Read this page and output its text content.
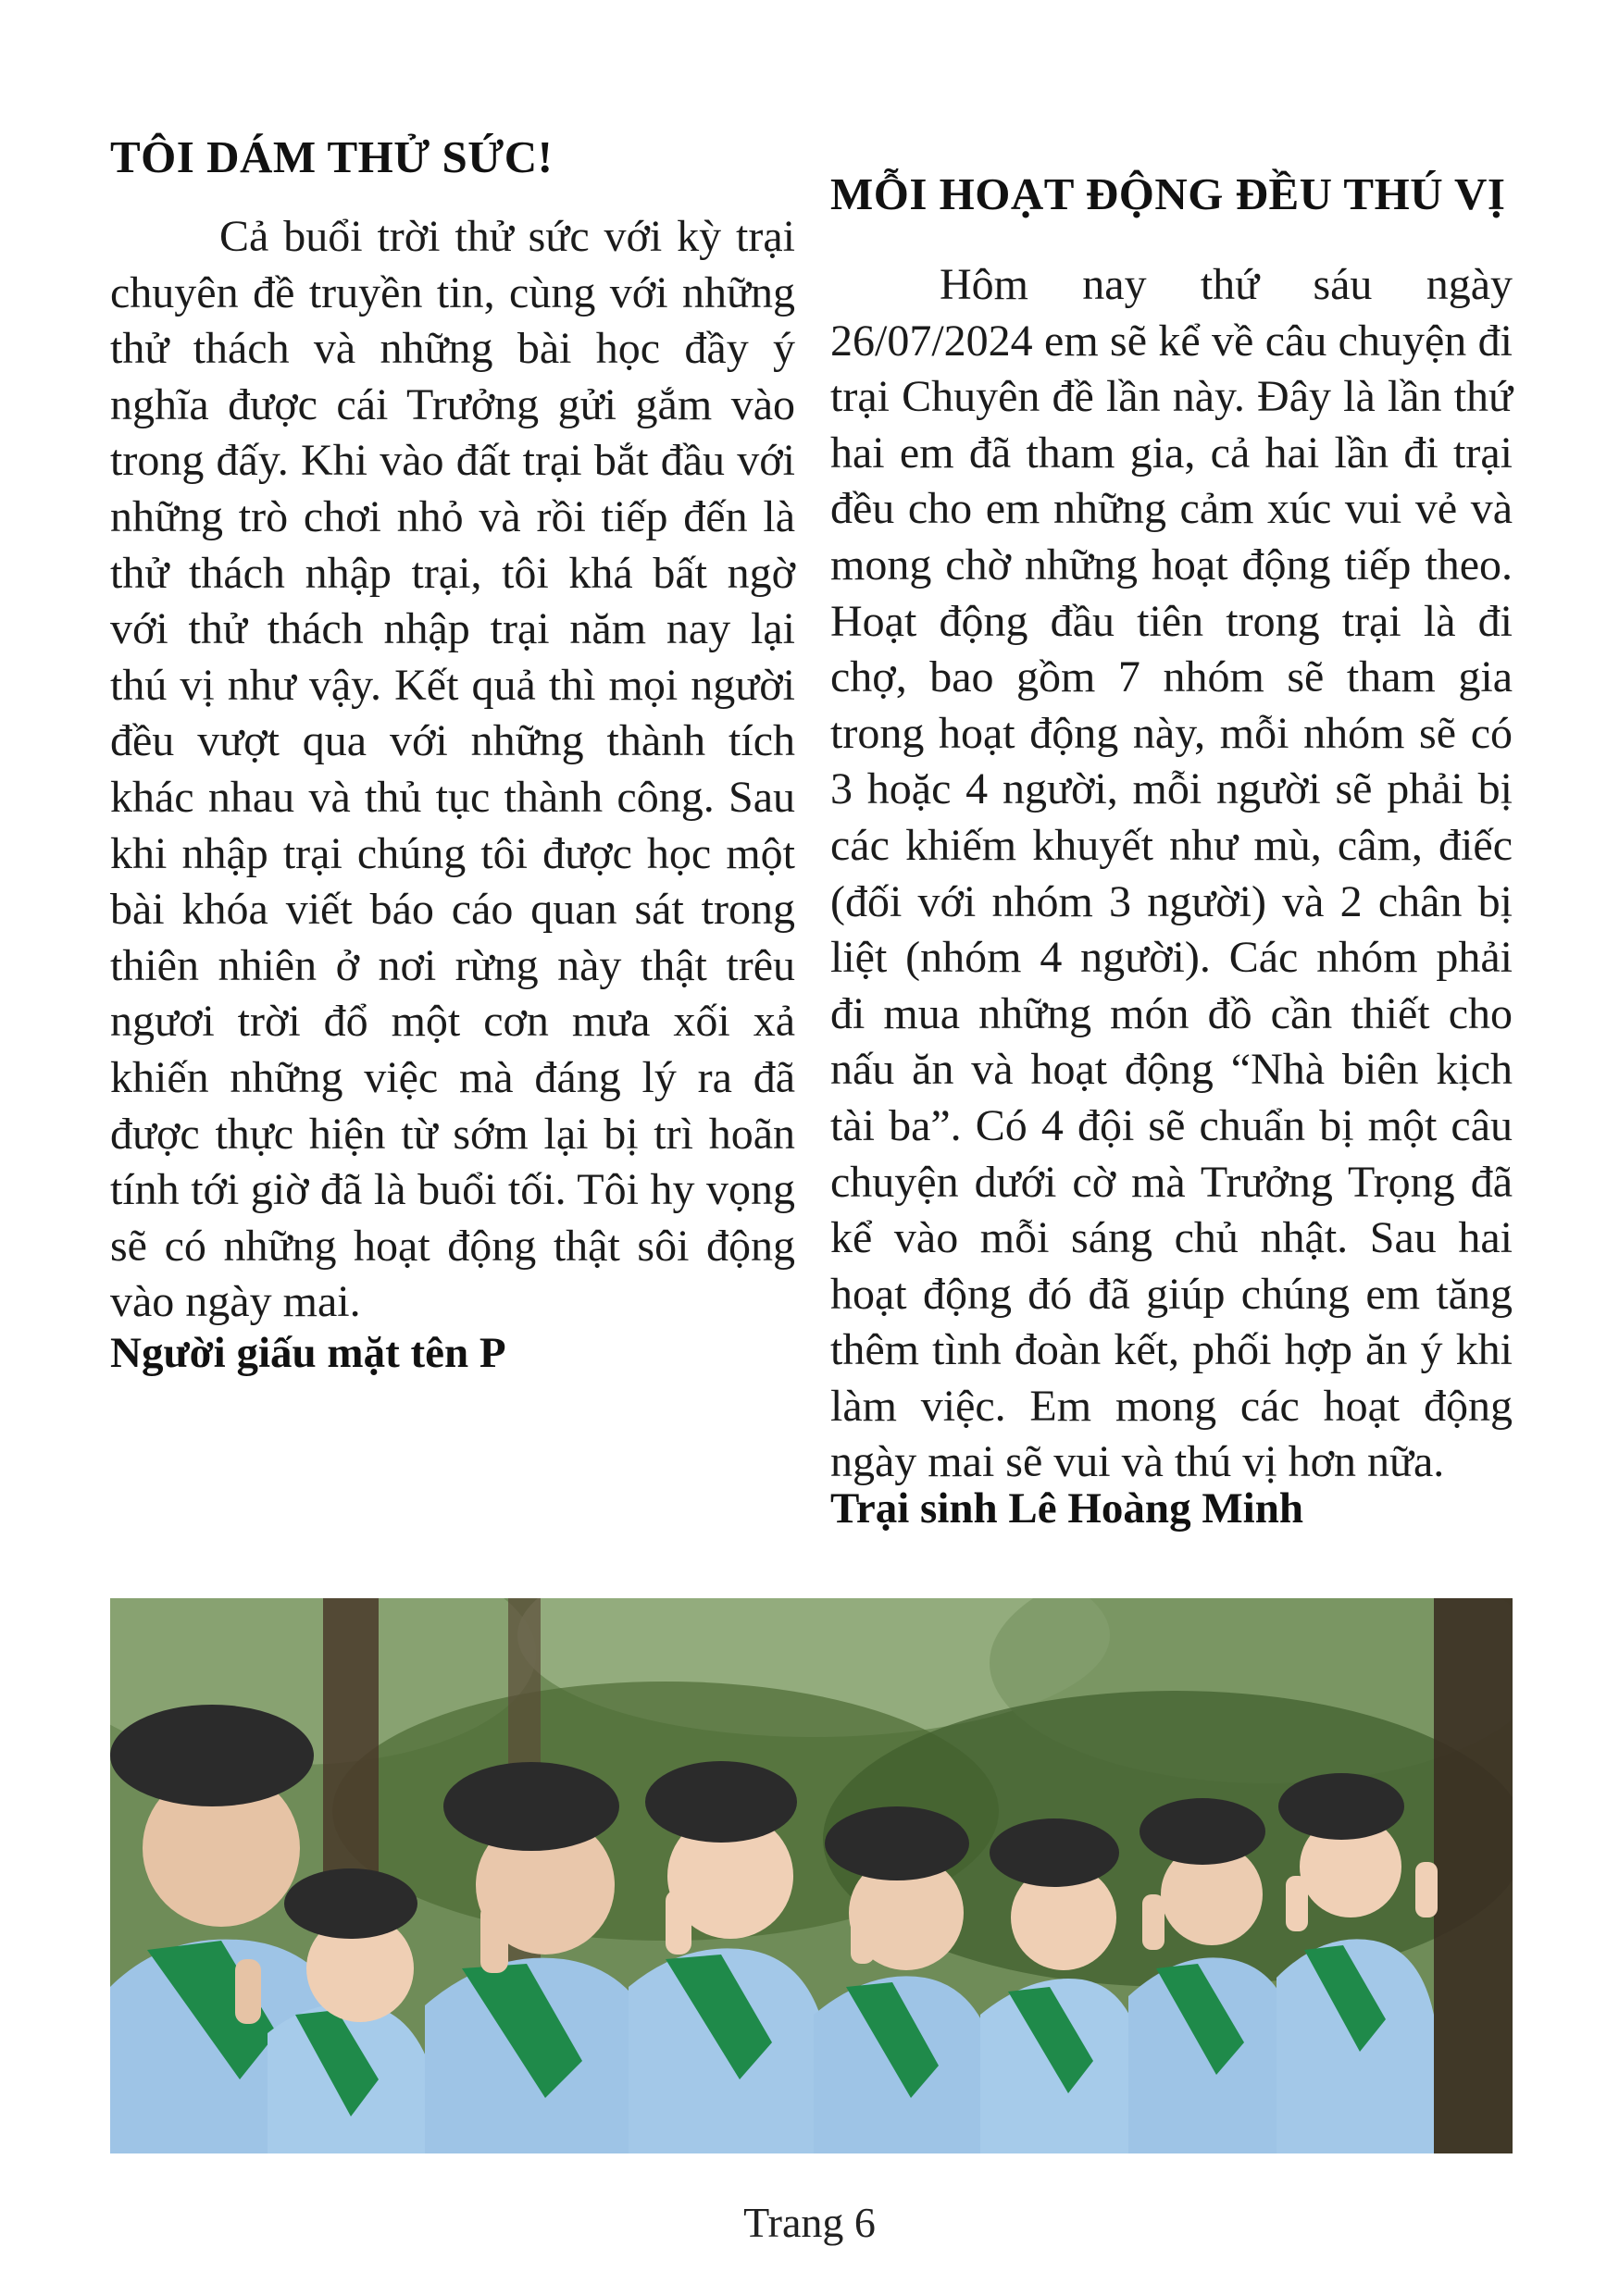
TÔI DÁM THỬ SỨC!
Cả buổi trời thử sức với kỳ trại chuyên đề truyền tin, cùng với những thử thách và những bài học đầy ý nghĩa được cái Trưởng gửi gắm vào trong đấy. Khi vào đất trại bắt đầu với những trò chơi nhỏ và rồi tiếp đến là thử thách nhập trại, tôi khá bất ngờ với thử thách nhập trại năm nay lại thú vị như vậy. Kết quả thì mọi người đều vượt qua với những thành tích khác nhau và thủ tục thành công. Sau khi nhập trại chúng tôi được học một bài khóa viết báo cáo quan sát trong thiên nhiên ở nơi rừng này thật trêu ngươi trời đổ một cơn mưa xối xả khiến những việc mà đáng lý ra đã được thực hiện từ sớm lại bị trì hoãn tính tới giờ đã là buổi tối. Tôi hy vọng sẽ có những hoạt động thật sôi động vào ngày mai.
Người giấu mặt tên P
MỖI HOẠT ĐỘNG ĐỀU THÚ VỊ
Hôm nay thứ sáu ngày 26/07/2024 em sẽ kể về câu chuyện đi trại Chuyên đề lần này. Đây là lần thứ hai em đã tham gia, cả hai lần đi trại đều cho em những cảm xúc vui vẻ và mong chờ những hoạt động tiếp theo. Hoạt động đầu tiên trong trại là đi chợ, bao gồm 7 nhóm sẽ tham gia trong hoạt động này, mỗi nhóm sẽ có 3 hoặc 4 người, mỗi người sẽ phải bị các khiếm khuyết như mù, câm, điếc (đối với nhóm 3 người) và 2 chân bị liệt (nhóm 4 người). Các nhóm phải đi mua những món đồ cần thiết cho nấu ăn và hoạt động “Nhà biên kịch tài ba”. Có 4 đội sẽ chuẩn bị một câu chuyện dưới cờ mà Trưởng Trọng đã kể vào mỗi sáng chủ nhật. Sau hai hoạt động đó đã giúp chúng em tăng thêm tình đoàn kết, phối hợp ăn ý khi làm việc. Em mong các hoạt động ngày mai sẽ vui và thú vị hơn nữa.
Trại sinh Lê Hoàng Minh
Trang 6
